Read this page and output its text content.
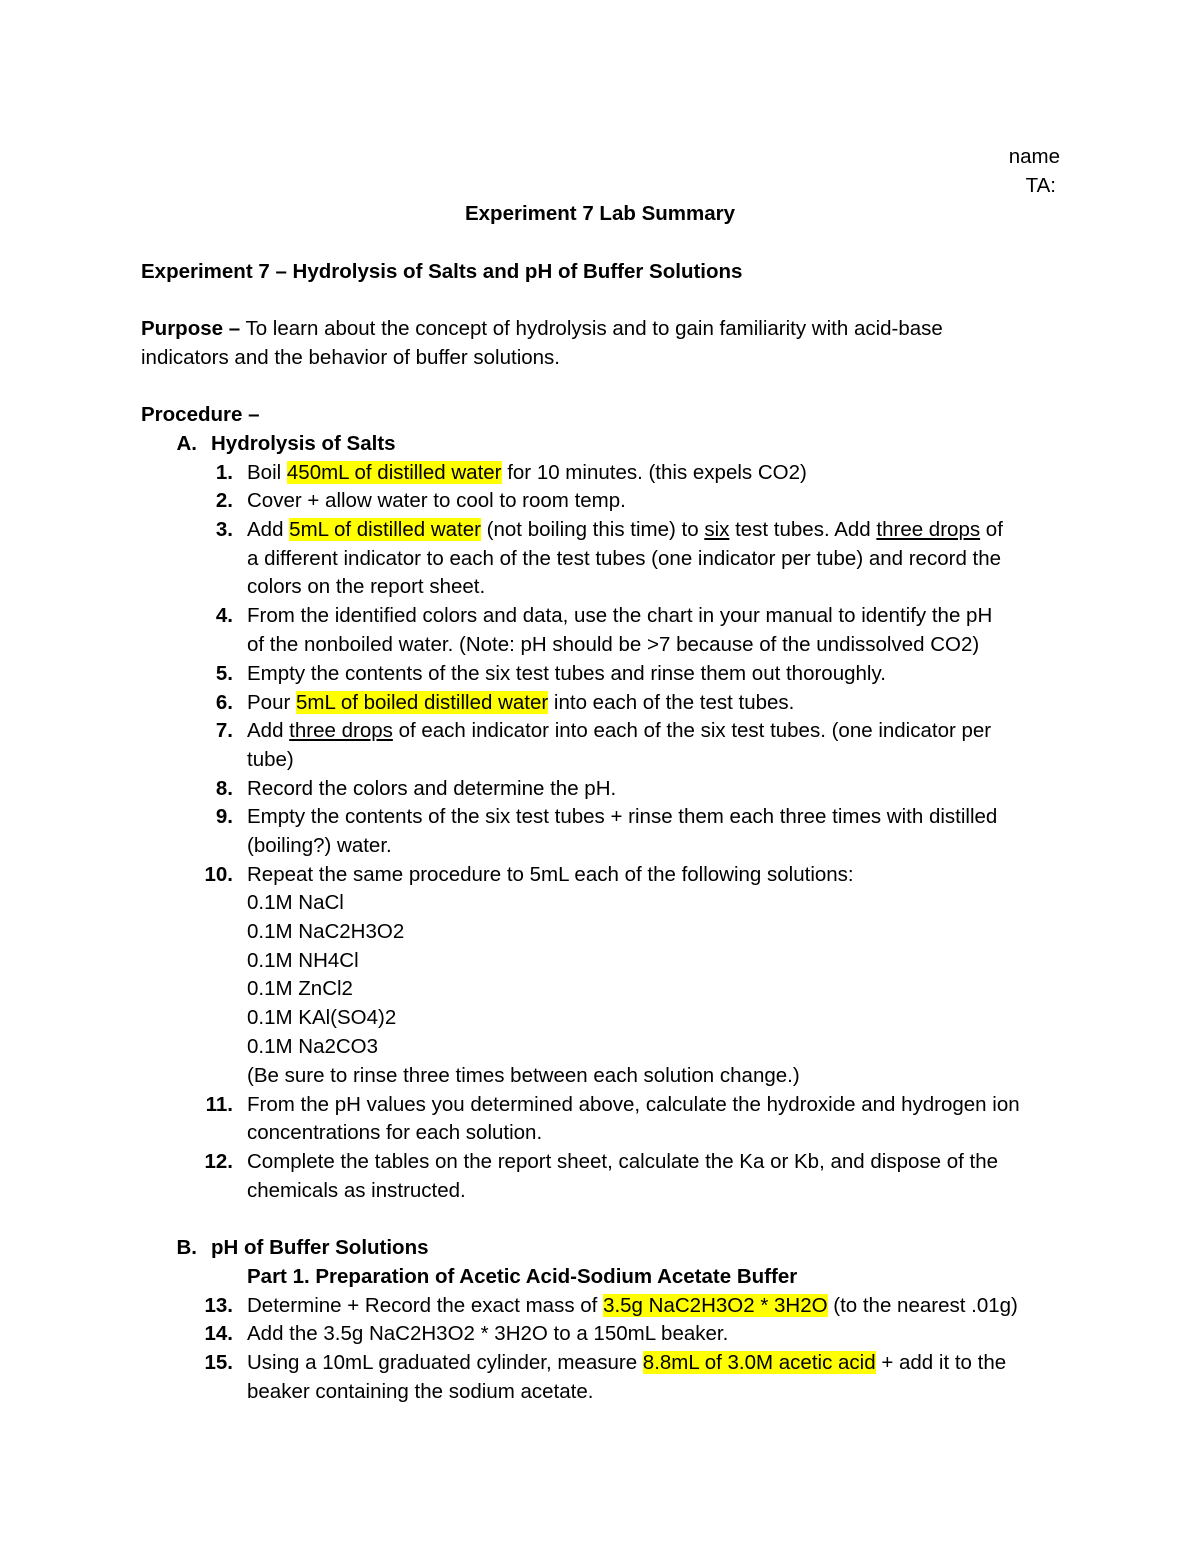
name
TA:
Experiment 7 Lab Summary
Experiment 7 – Hydrolysis of Salts and pH of Buffer Solutions
Purpose – To learn about the concept of hydrolysis and to gain familiarity with acid-base
indicators and the behavior of buffer solutions.
Procedure –
A. Hydrolysis of Salts
1. Boil 450mL of distilled water for 10 minutes. (this expels CO2)
2. Cover + allow water to cool to room temp.
3. Add 5mL of distilled water (not boiling this time) to six test tubes. Add three drops of
a different indicator to each of the test tubes (one indicator per tube) and record the
colors on the report sheet.
4. From the identified colors and data, use the chart in your manual to identify the pH
of the nonboiled water. (Note: pH should be >7 because of the undissolved CO2)
5. Empty the contents of the six test tubes and rinse them out thoroughly.
6. Pour 5mL of boiled distilled water into each of the test tubes.
7. Add three drops of each indicator into each of the six test tubes. (one indicator per
tube)
8. Record the colors and determine the pH.
9. Empty the contents of the six test tubes + rinse them each three times with distilled
(boiling?) water.
10. Repeat the same procedure to 5mL each of the following solutions:
0.1M NaCl
0.1M NaC2H3O2
0.1M NH4Cl
0.1M ZnCl2
0.1M KAl(SO4)2
0.1M Na2CO3
(Be sure to rinse three times between each solution change.)
11. From the pH values you determined above, calculate the hydroxide and hydrogen ion
concentrations for each solution.
12. Complete the tables on the report sheet, calculate the Ka or Kb, and dispose of the
chemicals as instructed.
B. pH of Buffer Solutions
Part 1. Preparation of Acetic Acid-Sodium Acetate Buffer
13. Determine + Record the exact mass of 3.5g NaC2H3O2 * 3H2O (to the nearest .01g)
14. Add the 3.5g NaC2H3O2 * 3H2O to a 150mL beaker.
15. Using a 10mL graduated cylinder, measure 8.8mL of 3.0M acetic acid + add it to the
beaker containing the sodium acetate.
